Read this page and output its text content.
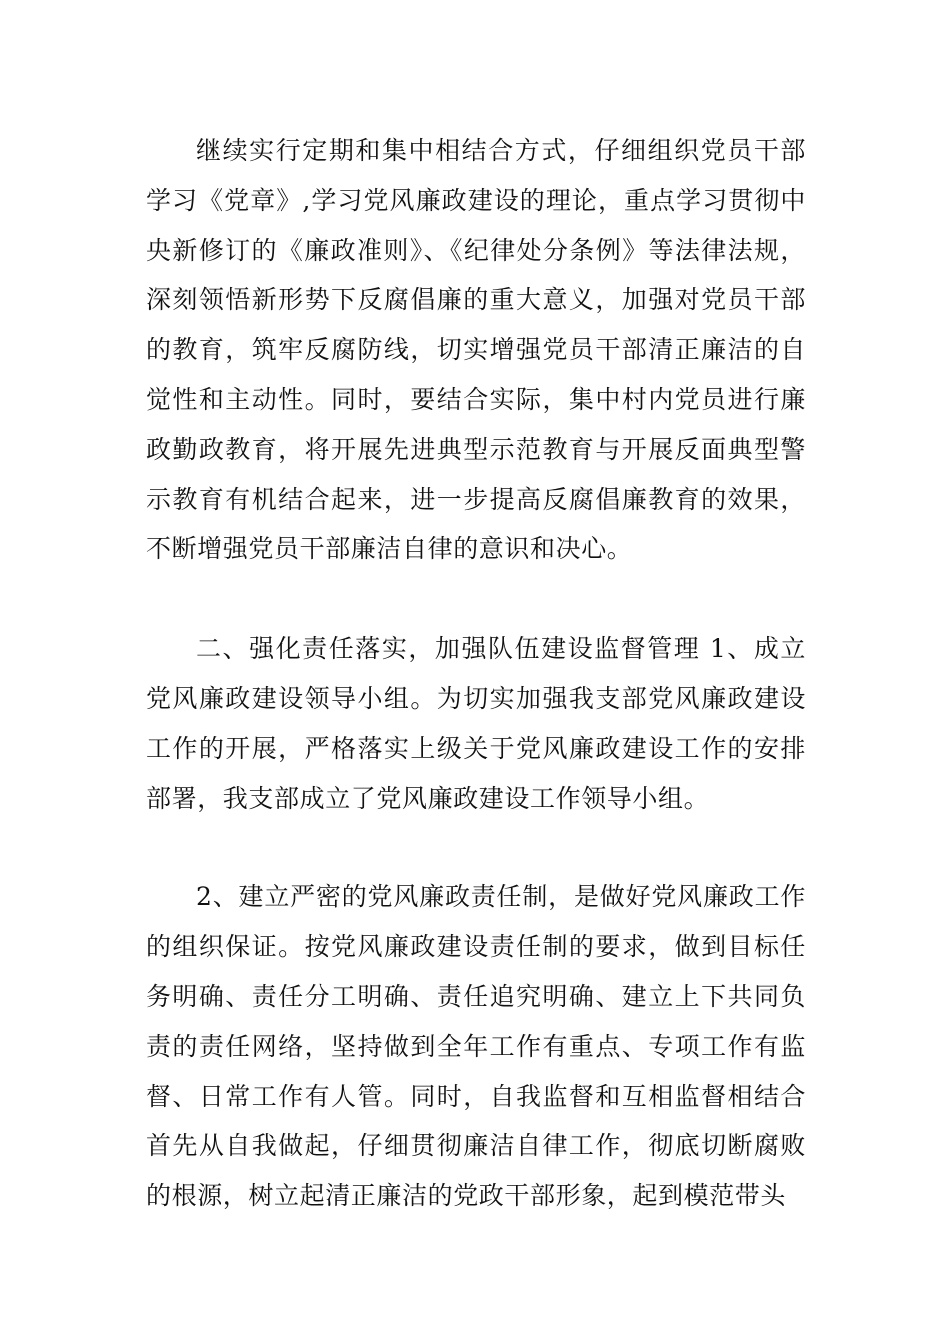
继续实行定期和集中相结合方式，仔细组织党员干部学习《党章》,学习党风廉政建设的理论，重点学习贯彻中央新修订的《廉政准则》、《纪律处分条例》等法律法规，深刻领悟新形势下反腐倡廉的重大意义，加强对党员干部的教育，筑牢反腐防线，切实增强党员干部清正廉洁的自觉性和主动性。同时，要结合实际，集中村内党员进行廉政勤政教育，将开展先进典型示范教育与开展反面典型警示教育有机结合起来，进一步提高反腐倡廉教育的效果，不断增强党员干部廉洁自律的意识和决心。

二、强化责任落实，加强队伍建设监督管理 1、成立党风廉政建设领导小组。为切实加强我支部党风廉政建设工作的开展，严格落实上级关于党风廉政建设工作的安排部署，我支部成立了党风廉政建设工作领导小组。

2、建立严密的党风廉政责任制，是做好党风廉政工作的组织保证。按党风廉政建设责任制的要求，做到目标任务明确、责任分工明确、责任追究明确、建立上下共同负责的责任网络，坚持做到全年工作有重点、专项工作有监督、日常工作有人管。同时，自我监督和互相监督相结合首先从自我做起，仔细贯彻廉洁自律工作，彻底切断腐败的根源，树立起清正廉洁的党政干部形象，起到模范带头
